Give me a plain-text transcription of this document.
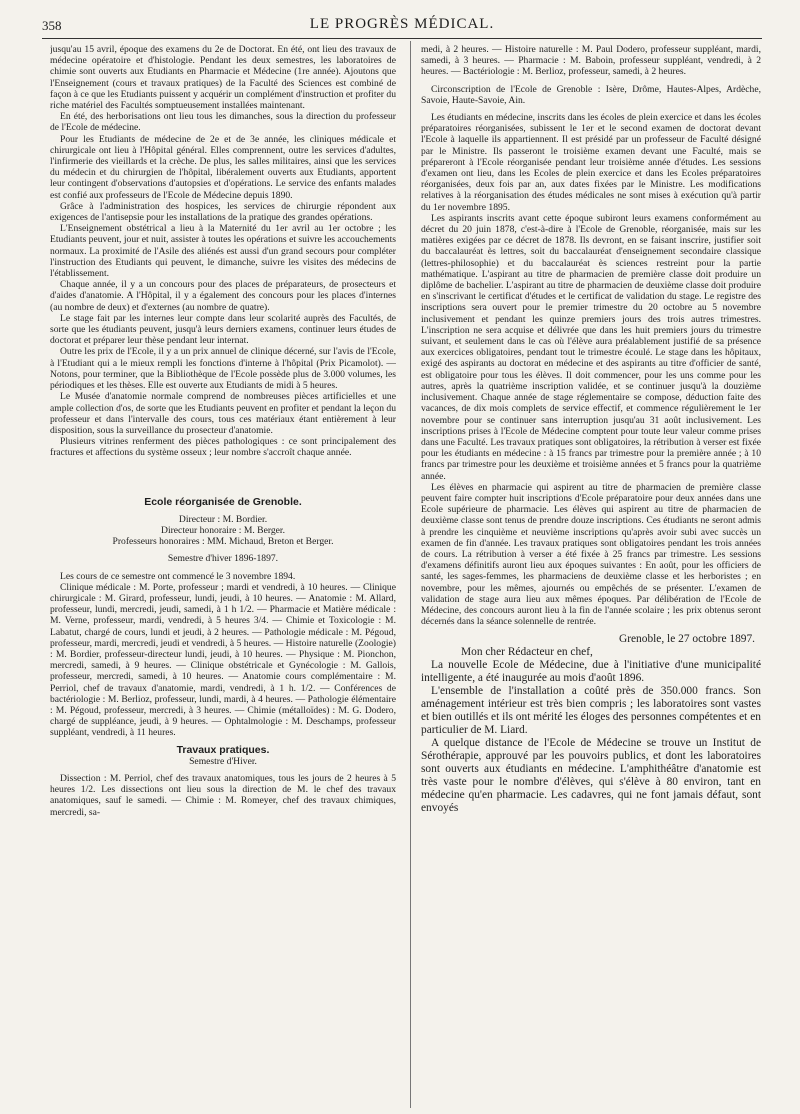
358	LE PROGRÈS MÉDICAL.

jusqu'au 15 avril, époque des examens du 2e de Doctorat. En été, ont lieu des travaux de médecine opératoire et d'histologie. Pendant les deux semestres, les laboratoires de chimie sont ouverts aux Etudiants en Pharmacie et Médecine (1re année). Ajoutons que l'Enseignement (cours et travaux pratiques) de la Faculté des Sciences est combiné de façon à ce que les Etudiants puissent y acquérir un complément d'instruction et profiter du riche matériel des Facultés somptueusement installées maintenant.

En été, des herborisations ont lieu tous les dimanches, sous la direction du professeur de l'Ecole de médecine.

Pour les Etudiants de médecine de 2e et de 3e année, les cliniques médicale et chirurgicale ont lieu à l'Hôpital général. Elles comprennent, outre les services d'adultes, l'infirmerie des vieillards et la crèche. De plus, les salles militaires, ainsi que les services du médecin et du chirurgien de l'hôpital, libéralement ouverts aux Etudiants, apportent leur contingent d'observations d'autopsies et d'opérations. Le service des enfants malades est confié aux professeurs de l'Ecole de Médecine depuis 1890.

Grâce à l'administration des hospices, les services de chirurgie répondent aux exigences de l'antisepsie pour les installations de la pratique des grandes opérations.

L'Enseignement obstétrical a lieu à la Maternité du 1er avril au 1er octobre ; les Etudiants peuvent, jour et nuit, assister à toutes les opérations et suivre les accouchements normaux. La proximité de l'Asile des aliénés est aussi d'un grand secours pour compléter l'instruction des Etudiants qui peuvent, le dimanche, suivre les visites des médecins de l'établissement.

Chaque année, il y a un concours pour des places de préparateurs, de prosecteurs et d'aides d'anatomie. A l'Hôpital, il y a également des concours pour les places d'internes (au nombre de deux) et d'externes (au nombre de quatre).

Le stage fait par les internes leur compte dans leur scolarité auprès des Facultés, de sorte que les étudiants peuvent, jusqu'à leurs derniers examens, continuer leurs études de doctorat et préparer leur thèse pendant leur internat.

Outre les prix de l'Ecole, il y a un prix annuel de clinique décerné, sur l'avis de l'Ecole, à l'Etudiant qui a le mieux rempli les fonctions d'interne à l'hôpital (Prix Picamolot). — Notons, pour terminer, que la Bibliothèque de l'Ecole possède plus de 3.000 volumes, les périodiques et les thèses. Elle est ouverte aux Etudiants de midi à 5 heures.

Le Musée d'anatomie normale comprend de nombreuses pièces artificielles et une ample collection d'os, de sorte que les Etudiants peuvent en profiter et pendant la leçon du professeur et dans l'intervalle des cours, tous ces matériaux étant entièrement à leur disposition, sous la surveillance du prosecteur d'anatomie.

Plusieurs vitrines renferment des pièces pathologiques : ce sont principalement des fractures et affections du système osseux ; leur nombre s'accroît chaque année.

Ecole réorganisée de Grenoble.

Directeur : M. Bordier.

Directeur honoraire : M. Berger.

Professeurs honoraires : MM. Michaud, Breton et Berger.

Semestre d'hiver 1896-1897.

Les cours de ce semestre ont commencé le 3 novembre 1894.

Clinique médicale : M. Porte, professeur ; mardi et vendredi, à 10 heures. — Clinique chirurgicale : M. Girard, professeur, lundi, jeudi, à 10 heures. — Anatomie : M. Allard, professeur, lundi, mercredi, jeudi, samedi, à 1 h 1/2. — Pharmacie et Matière médicale : M. Verne, professeur, mardi, vendredi, à 5 heures 3/4. — Chimie et Toxicologie : M. Labatut, chargé de cours, lundi et jeudi, à 2 heures. — Pathologie médicale : M. Pégoud, professeur, mardi, mercredi, jeudi et vendredi, à 5 heures. — Histoire naturelle (Zoologie) : M. Bordier, professeur-directeur lundi, jeudi, à 10 heures. — Physique : M. Pionchon, mercredi, samedi, à 9 heures. — Clinique obstétricale et Gynécologie : M. Gallois, professeur, mercredi, samedi, à 10 heures. — Anatomie cours complémentaire : M. Perriol, chef de travaux d'anatomie, mardi, vendredi, à 1 h. 1/2. — Conférences de bactériologie : M. Berlioz, professeur, lundi, mardi, à 4 heures. — Pathologie élémentaire : M. Pégoud, professeur, mercredi, à 3 heures. — Chimie (métalloïdes) : M. G. Dodero, chargé de suppléance, jeudi, à 9 heures. — Ophtalmologie : M. Deschamps, professeur suppléant, vendredi, à 11 heures.

Travaux pratiques.

Semestre d'Hiver.

Dissection : M. Perriol, chef des travaux anatomiques, tous les jours de 2 heures à 5 heures 1/2. Les dissections ont lieu sous la direction de M. le chef des travaux anatomiques, sauf le samedi. — Chimie : M. Romeyer, chef des travaux chimiques, mercredi, sa-

medi, à 2 heures. — Histoire naturelle : M. Paul Dodero, professeur suppléant, mardi, samedi, à 3 heures. — Pharmacie : M. Baboin, professeur suppléant, vendredi, à 2 heures. — Bactériologie : M. Berlioz, professeur, samedi, à 2 heures.

Circonscription de l'Ecole de Grenoble : Isère, Drôme, Hautes-Alpes, Ardèche, Savoie, Haute-Savoie, Ain.

Les étudiants en médecine, inscrits dans les écoles de plein exercice et dans les écoles préparatoires réorganisées, subissent le 1er et le second examen de doctorat devant l'Ecole à laquelle ils appartiennent. Il est présidé par un professeur de Faculté désigné par le Ministre. Ils passeront le troisième examen devant une Faculté, mais se prépareront à l'Ecole réorganisée pendant leur troisième année d'études. Les sessions d'examen ont lieu, dans les Ecoles de plein exercice et dans les Ecoles préparatoires réorganisées, deux fois par an, aux dates fixées par le Ministre. Les modifications relatives à la réorganisation des études médicales ne sont mises à exécution qu'à partir du 1er novembre 1895.

Les aspirants inscrits avant cette époque subiront leurs examens conformément au décret du 20 juin 1878, c'est-à-dire à l'Ecole de Grenoble, réorganisée, mais sur les matières exigées par ce décret de 1878. Ils devront, en se faisant inscrire, justifier soit du baccalauréat ès lettres, soit du baccalauréat d'enseignement secondaire classique (lettres-philosophie) et du baccalauréat ès sciences restreint pour la partie mathématique. L'aspirant au titre de pharmacien de première classe doit produire un diplôme de bachelier. L'aspirant au titre de pharmacien de deuxième classe doit produire en s'inscrivant le certificat d'études et le certificat de validation du stage. Le registre des inscriptions sera ouvert pour le premier trimestre du 20 octobre au 5 novembre inclusivement et pendant les quinze premiers jours des trois autres trimestres. L'inscription ne sera acquise et délivrée que dans les huit premiers jours du trimestre suivant, et seulement dans le cas où l'élève aura préalablement justifié de sa présence aux exercices obligatoires, pendant tout le trimestre écoulé. Le stage dans les hôpitaux, exigé des aspirants au doctorat en médecine et des aspirants au titre d'officier de santé, est obligatoire pour tous les élèves. Il doit commencer, pour les uns comme pour les autres, après la quatrième inscription validée, et se continuer jusqu'à la douzième inclusivement. Chaque année de stage réglementaire se compose, déduction faite des vacances, de dix mois complets de service effectif, et commence régulièrement le 1er novembre pour se continuer sans interruption jusqu'au 31 août inclusivement. Les inscriptions prises à l'Ecole de Médecine comptent pour toute leur valeur comme prises dans une Faculté. Les travaux pratiques sont obligatoires, la rétribution à verser est fixée pour les étudiants en médecine : à 15 francs par trimestre pour la première année ; à 10 francs par trimestre pour les deuxième et troisième années et 5 francs pour la quatrième année.

Les élèves en pharmacie qui aspirent au titre de pharmacien de première classe peuvent faire compter huit inscriptions d'Ecole préparatoire pour deux années dans une Ecole supérieure de pharmacie. Les élèves qui aspirent au titre de pharmacien de deuxième classe sont tenus de prendre douze inscriptions. Ces étudiants ne seront admis à prendre les cinquième et neuvième inscriptions qu'après avoir subi avec succès un examen de fin d'année. Les travaux pratiques sont obligatoires pendant les trois années de cours. La rétribution à verser a été fixée à 25 francs par trimestre. Les sessions d'examens définitifs auront lieu aux époques suivantes : En août, pour les officiers de santé, les sages-femmes, les pharmaciens de deuxième classe et les herboristes ; en novembre, pour les mêmes, ajournés ou empêchés de se présenter. L'examen de validation de stage aura lieu aux mêmes époques. Par délibération de l'Ecole de Médecine, des concours auront lieu à la fin de l'année scolaire ; les prix obtenus seront décernés dans la séance solennelle de rentrée.

Grenoble, le 27 octobre 1897.

Mon cher Rédacteur en chef,

La nouvelle Ecole de Médecine, due à l'initiative d'une municipalité intelligente, a été inaugurée au mois d'août 1896.

L'ensemble de l'installation a coûté près de 350.000 francs. Son aménagement intérieur est très bien compris ; les laboratoires sont vastes et bien outillés et ils ont mérité les éloges des personnes compétentes et en particulier de M. Liard.

A quelque distance de l'Ecole de Médecine se trouve un Institut de Sérothérapie, approuvé par les pouvoirs publics, et dont les laboratoires sont ouverts aux étudiants en médecine. L'amphithéâtre d'anatomie est très vaste pour le nombre d'élèves, qui s'élève à 80 environ, tant en médecine qu'en pharmacie. Les cadavres, qui ne font jamais défaut, sont envoyés
